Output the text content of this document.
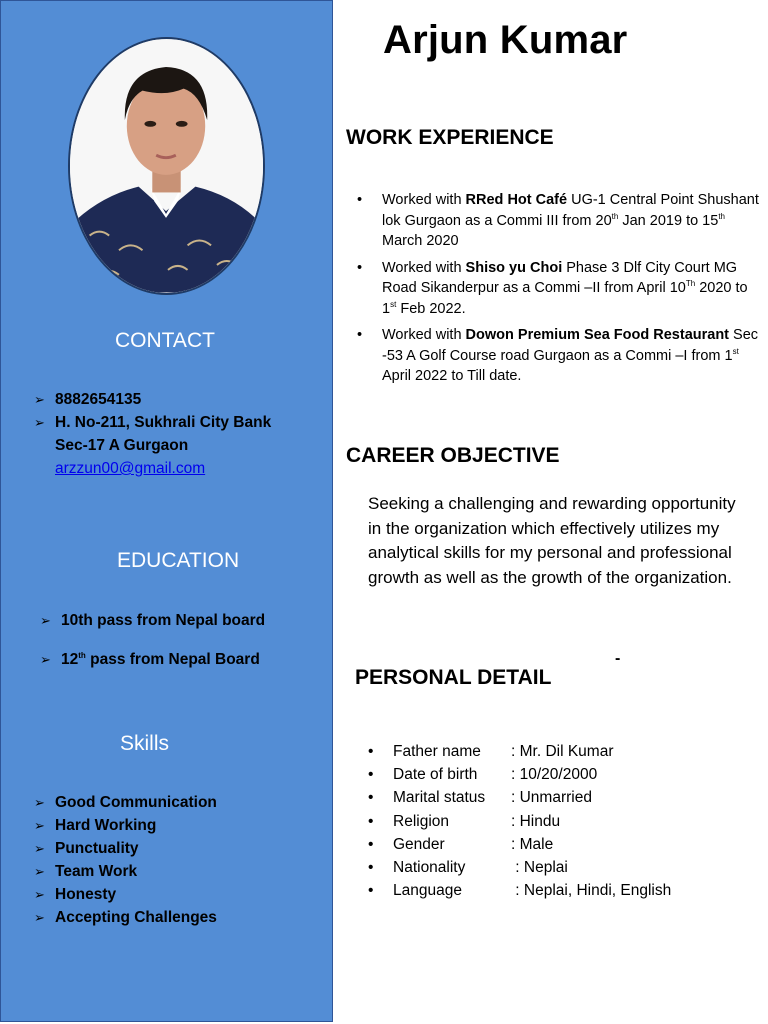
CONTACT
➢ 8882654135
➢ H. No-211, Sukhrali City Bank
Sec-17 A Gurgaon
arzzun00@gmail.com
EDUCATION
➢ 10th pass from Nepal board
➢ 12th pass from Nepal Board
Skills
➢ Good Communication
➢ Hard Working
➢ Punctuality
➢ Team Work
➢ Honesty
➢ Accepting Challenges
Arjun Kumar
WORK EXPERIENCE
• Worked with RRed Hot Café UG-1 Central Point Shushant lok Gurgaon as a Commi III from 20th Jan 2019 to 15th March 2020
• Worked with Shiso yu Choi Phase 3 Dlf City Court MG Road Sikanderpur as a Commi –II from April 10Th 2020 to 1st Feb 2022.
• Worked with Dowon Premium Sea Food Restaurant Sec -53 A Golf Course road Gurgaon as a Commi –I from 1st April 2022 to Till date.
CAREER OBJECTIVE
Seeking a challenging and rewarding opportunity in the organization which effectively utilizes my analytical skills for my personal and professional growth as well as the growth of the organization.
PERSONAL DETAIL
-
• Father name : Mr. Dil Kumar
• Date of birth : 10/20/2000
• Marital status : Unmarried
• Religion	: Hindu
• Gender	: Male
• Nationality	: Neplai
• Language	: Neplai, Hindi, English
